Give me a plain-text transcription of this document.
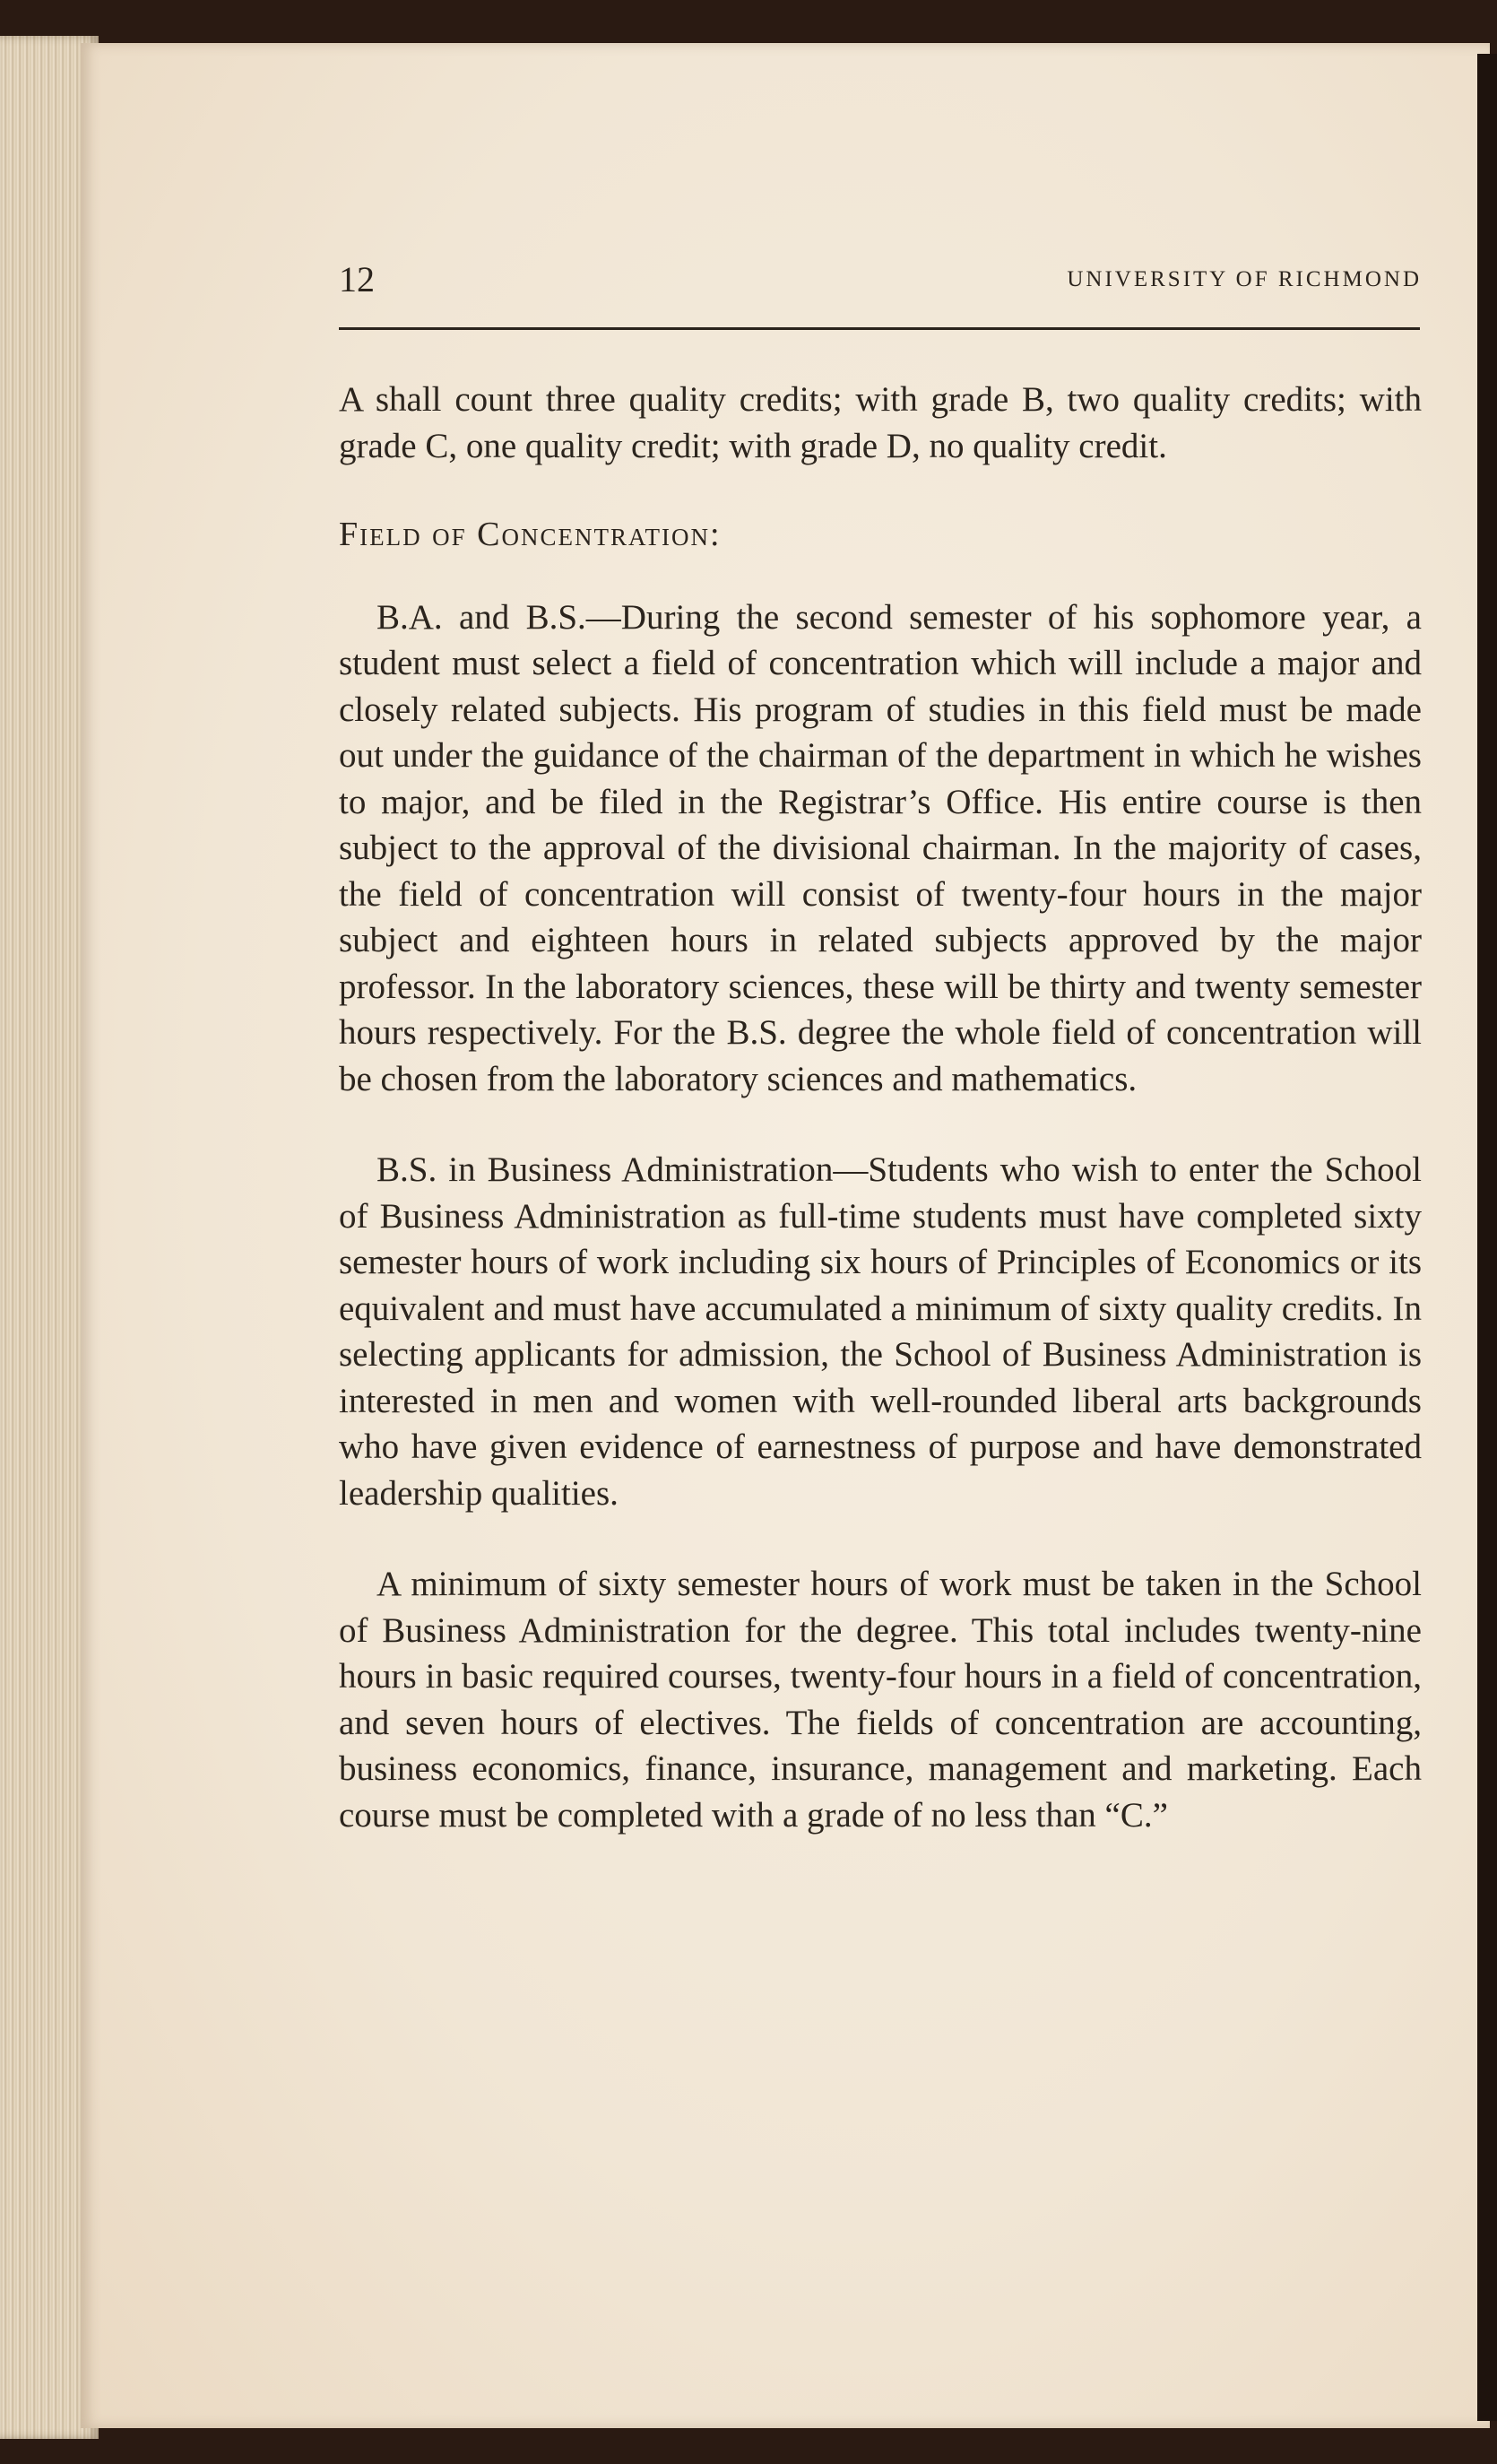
12	UNIVERSITY OF RICHMOND

A shall count three quality credits; with grade B, two quality credits; with grade C, one quality credit; with grade D, no quality credit.

Field of Concentration:

B.A. and B.S.—During the second semester of his sophomore year, a student must select a field of concentration which will include a major and closely related subjects. His program of studies in this field must be made out under the guidance of the chairman of the department in which he wishes to major, and be filed in the Registrar’s Office. His entire course is then subject to the approval of the divisional chairman. In the majority of cases, the field of concentration will consist of twenty-four hours in the major subject and eighteen hours in related subjects approved by the major professor. In the laboratory sciences, these will be thirty and twenty semester hours respectively. For the B.S. degree the whole field of concentration will be chosen from the laboratory sciences and mathematics.

B.S. in Business Administration—Students who wish to enter the School of Business Administration as full-time students must have completed sixty semester hours of work including six hours of Principles of Economics or its equivalent and must have accumulated a minimum of sixty quality credits. In selecting applicants for admission, the School of Business Administration is interested in men and women with well-rounded liberal arts backgrounds who have given evidence of earnestness of purpose and have demonstrated leadership qualities.

A minimum of sixty semester hours of work must be taken in the School of Business Administration for the degree. This total includes twenty-nine hours in basic required courses, twenty-four hours in a field of concentration, and seven hours of electives. The fields of concentration are accounting, business economics, finance, insurance, management and marketing. Each course must be completed with a grade of no less than “C.”
